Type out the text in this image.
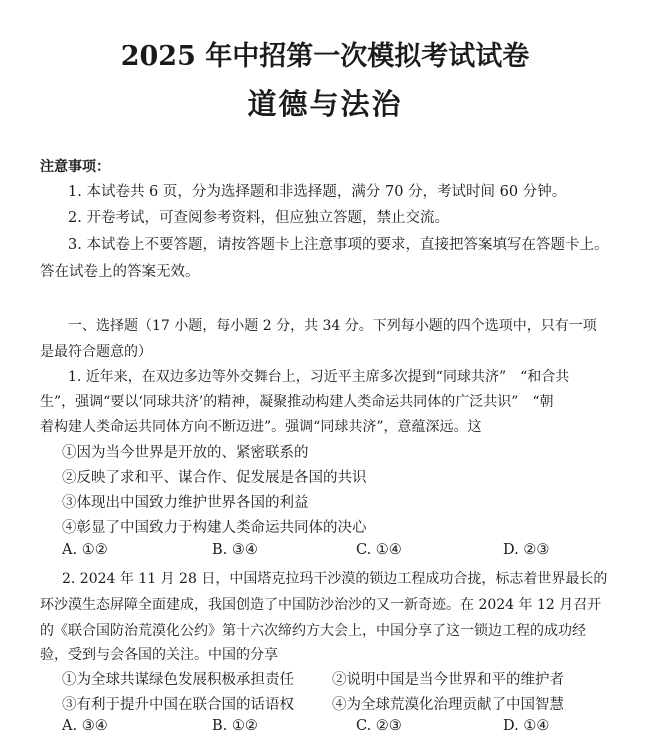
2025 年中招第一次模拟考试试卷
道德与法治
注意事项：
1. 本试卷共 6 页，分为选择题和非选择题，满分 70 分，考试时间 60 分钟。
2. 开卷考试，可查阅参考资料，但应独立答题，禁止交流。
3. 本试卷上不要答题，请按答题卡上注意事项的要求，直接把答案填写在答题卡上。
答在试卷上的答案无效。
一、选择题（17 小题，每小题 2 分，共 34 分。下列每小题的四个选项中，只有一项
是最符合题意的）
1. 近年来，在双边多边等外交舞台上，习近平主席多次提到“同球共济”　“和合共
生”，强调“要以‘同球共济’的精神，凝聚推动构建人类命运共同体的广泛共识”　“朝
着构建人类命运共同体方向不断迈进”。强调“同球共济”，意蕴深远。这
①因为当今世界是开放的、紧密联系的
②反映了求和平、谋合作、促发展是各国的共识
③体现出中国致力维护世界各国的利益
④彰显了中国致力于构建人类命运共同体的决心
A. ①②	B. ③④	C. ①④	D. ②③
2. 2024 年 11 月 28 日，中国塔克拉玛干沙漠的锁边工程成功合拢，标志着世界最长的
环沙漠生态屏障全面建成，我国创造了中国防沙治沙的又一新奇迹。在 2024 年 12 月召开
的《联合国防治荒漠化公约》第十六次缔约方大会上，中国分享了这一锁边工程的成功经
验，受到与会各国的关注。中国的分享
①为全球共谋绿色发展积极承担责任	②说明中国是当今世界和平的维护者
③有利于提升中国在联合国的话语权	④为全球荒漠化治理贡献了中国智慧
A. ③④	B. ①②	C. ②③	D. ①④
